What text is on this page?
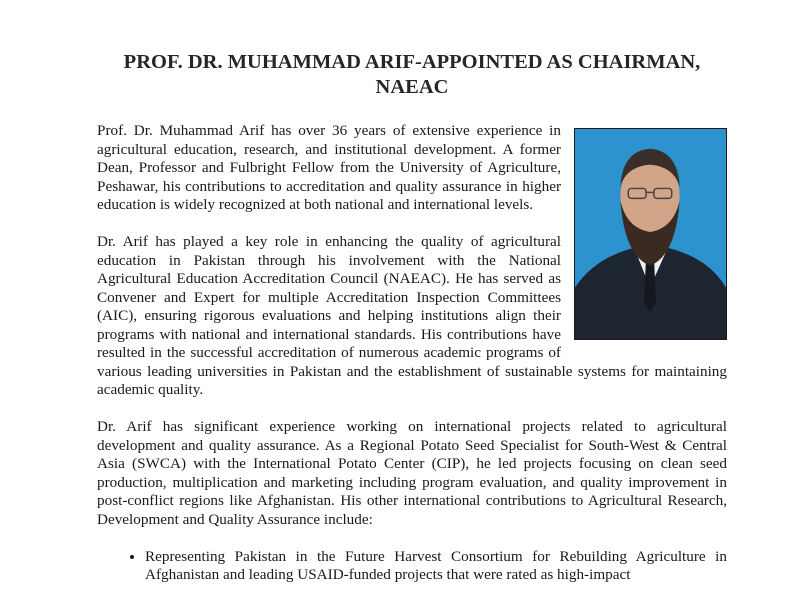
PROF. DR. MUHAMMAD ARIF-APPOINTED AS CHAIRMAN, NAEAC

Prof. Dr. Muhammad Arif has over 36 years of extensive experience in agricultural education, research, and institutional development. A former Dean, Professor and Fulbright Fellow from the University of Agriculture, Peshawar, his contributions to accreditation and quality assurance in higher education is widely recognized at both national and international levels.

Dr. Arif has played a key role in enhancing the quality of agricultural education in Pakistan through his involvement with the National Agricultural Education Accreditation Council (NAEAC). He has served as Convener and Expert for multiple Accreditation Inspection Committees (AIC), ensuring rigorous evaluations and helping institutions align their programs with national and international standards. His contributions have resulted in the successful accreditation of numerous academic programs of various leading universities in Pakistan and the establishment of sustainable systems for maintaining academic quality.

Dr. Arif has significant experience working on international projects related to agricultural development and quality assurance. As a Regional Potato Seed Specialist for South-West & Central Asia (SWCA) with the International Potato Center (CIP), he led projects focusing on clean seed production, multiplication and marketing including program evaluation, and quality improvement in post-conflict regions like Afghanistan. His other international contributions to Agricultural Research, Development and Quality Assurance include:

• Representing Pakistan in the Future Harvest Consortium for Rebuilding Agriculture in Afghanistan and leading USAID-funded projects that were rated as high-impact
